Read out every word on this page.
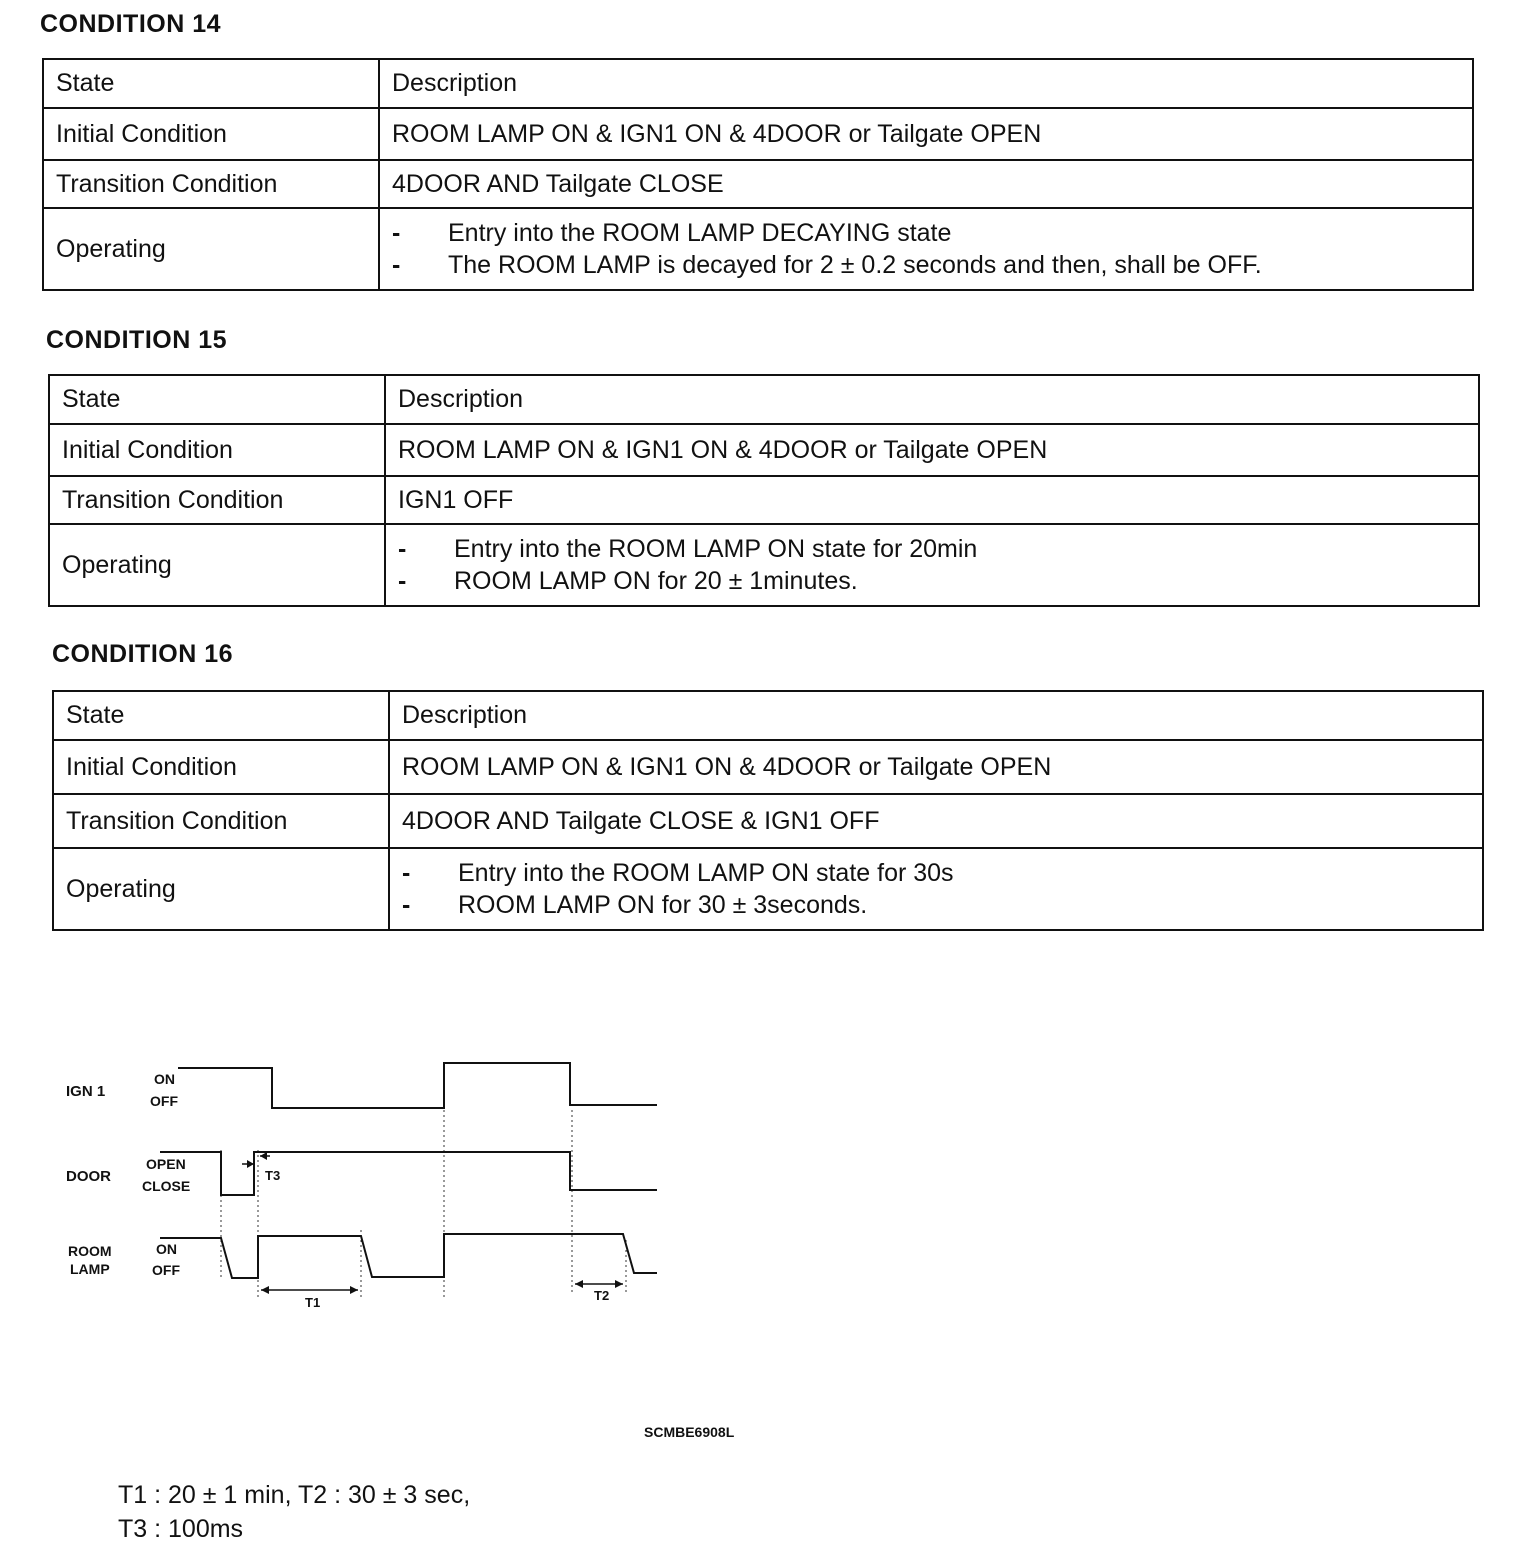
CONDITION 14
State	Description
Initial Condition	ROOM LAMP ON & IGN1 ON & 4DOOR or Tailgate OPEN
Transition Condition	4DOOR AND Tailgate CLOSE
Operating	- Entry into the ROOM LAMP DECAYING state
- The ROOM LAMP is decayed for 2 ± 0.2 seconds and then, shall be OFF.
CONDITION 15
State	Description
Initial Condition	ROOM LAMP ON & IGN1 ON & 4DOOR or Tailgate OPEN
Transition Condition	IGN1 OFF
Operating	- Entry into the ROOM LAMP ON state for 20min
- ROOM LAMP ON for 20 ± 1minutes.
CONDITION 16
State	Description
Initial Condition	ROOM LAMP ON & IGN1 ON & 4DOOR or Tailgate OPEN
Transition Condition	4DOOR AND Tailgate CLOSE & IGN1 OFF
Operating	- Entry into the ROOM LAMP ON state for 30s
- ROOM LAMP ON for 30 ± 3seconds.
IGN 1
ON
OFF
DOOR
OPEN
CLOSE
ROOM
LAMP
ON
OFF
T3
T1	T2
SCMBE6908L
T1 : 20 ± 1 min, T2 : 30 ± 3 sec,
T3 : 100ms
